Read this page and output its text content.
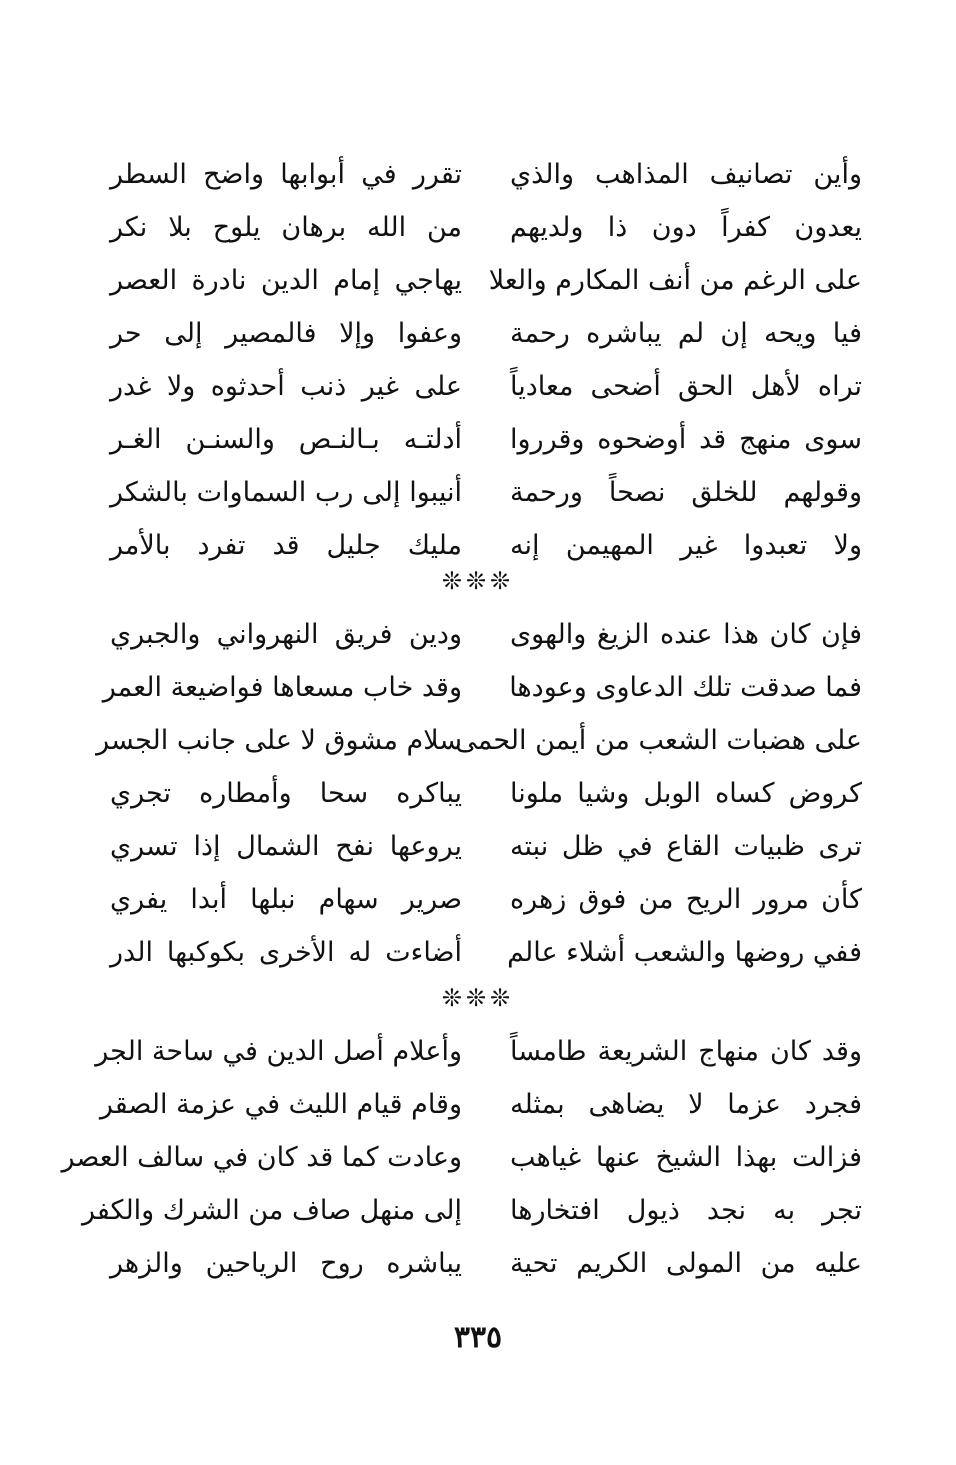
وأين تصانيف المذاهب والذي
تقرر في أبوابها واضح السطر
يعدون كفراً دون ذا ولديهم
من الله برهان يلوح بلا نكر
على الرغم من أنف المكارم والعلا
يهاجي إمام الدين نادرة العصر
فيا ويحه إن لم يباشره رحمة
وعفوا وإلا فالمصير إلى حر
تراه لأهل الحق أضحى معادياً
على غير ذنب أحدثوه ولا غدر
سوى منهج قد أوضحوه وقرروا
أدلتـه بـالنـص والسنـن الغـر
وقولهم للخلق نصحاً ورحمة
أنيبوا إلى رب السماوات بالشكر
ولا تعبدوا غير المهيمن إنه
مليك جليل قد تفرد بالأمر
❊❊❊
فإن كان هذا عنده الزيغ والهوى
ودين فريق النهرواني والجبري
فما صدقت تلك الدعاوى وعودها
وقد خاب مسعاها فواضيعة العمر
على هضبات الشعب من أيمن الحمى
سلام مشوق لا على جانب الجسر
كروض كساه الوبل وشيا ملونا
يباكره سحا وأمطاره تجري
ترى ظبيات القاع في ظل نبته
يروعها نفح الشمال إذا تسري
كأن مرور الريح من فوق زهره
صرير سهام نبلها أبدا يفري
ففي روضها والشعب أشلاء عالم
أضاءت له الأخرى بكوكبها الدر
❊❊❊
وقد كان منهاج الشريعة طامساً
وأعلام أصل الدين في ساحة الجر
فجرد عزما لا يضاهى بمثله
وقام قيام الليث في عزمة الصقر
فزالت بهذا الشيخ عنها غياهب
وعادت كما قد كان في سالف العصر
تجر به نجد ذيول افتخارها
إلى منهل صاف من الشرك والكفر
عليه من المولى الكريم تحية
يباشره روح الرياحين والزهر
٣٣٥
